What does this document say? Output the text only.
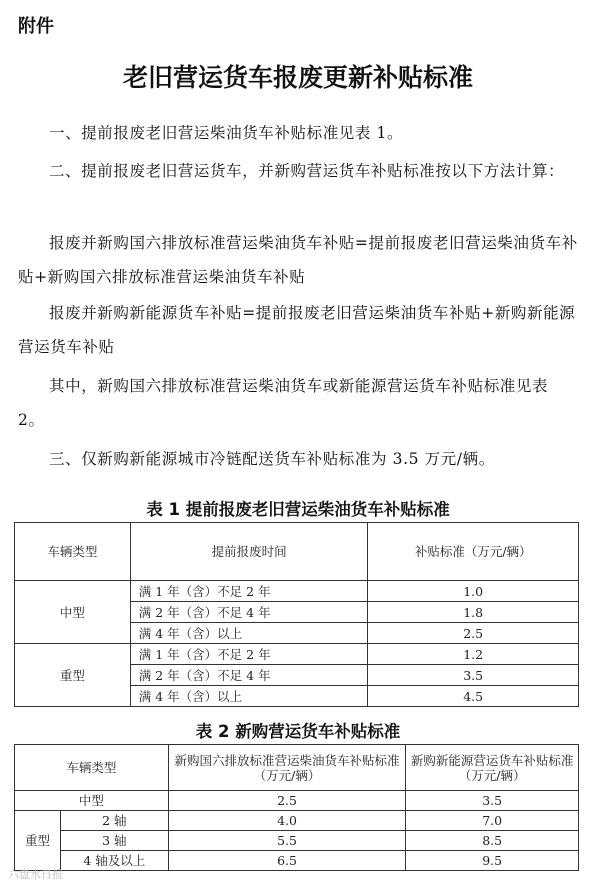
附件
老旧营运货车报废更新补贴标准
一、提前报废老旧营运柴油货车补贴标准见表 1。
二、提前报废老旧营运货车，并新购营运货车补贴标准按以下方法计算：
报废并新购国六排放标准营运柴油货车补贴=提前报废老旧营运柴油货车补贴+新购国六排放标准营运柴油货车补贴
报废并新购新能源货车补贴=提前报废老旧营运柴油货车补贴+新购新能源营运货车补贴
其中，新购国六排放标准营运柴油货车或新能源营运货车补贴标准见表 2。
三、仅新购新能源城市冷链配送货车补贴标准为 3.5 万元/辆。
表 1 提前报废老旧营运柴油货车补贴标准
车辆类型	提前报废时间	补贴标准（万元/辆）
中型	满 1 年（含）不足 2 年	1.0
	满 2 年（含）不足 4 年	1.8
	满 4 年（含）以上	2.5
重型	满 1 年（含）不足 2 年	1.2
	满 2 年（含）不足 4 年	3.5
	满 4 年（含）以上	4.5
表 2 新购营运货车补贴标准
车辆类型		新购国六排放标准营运柴油货车补贴标准（万元/辆）	新购新能源营运货车补贴标准（万元/辆）
中型		2.5	3.5
重型	2 轴	4.0	7.0
	3 轴	5.5	8.5
	4 轴及以上	6.5	9.5
六盘水日报
